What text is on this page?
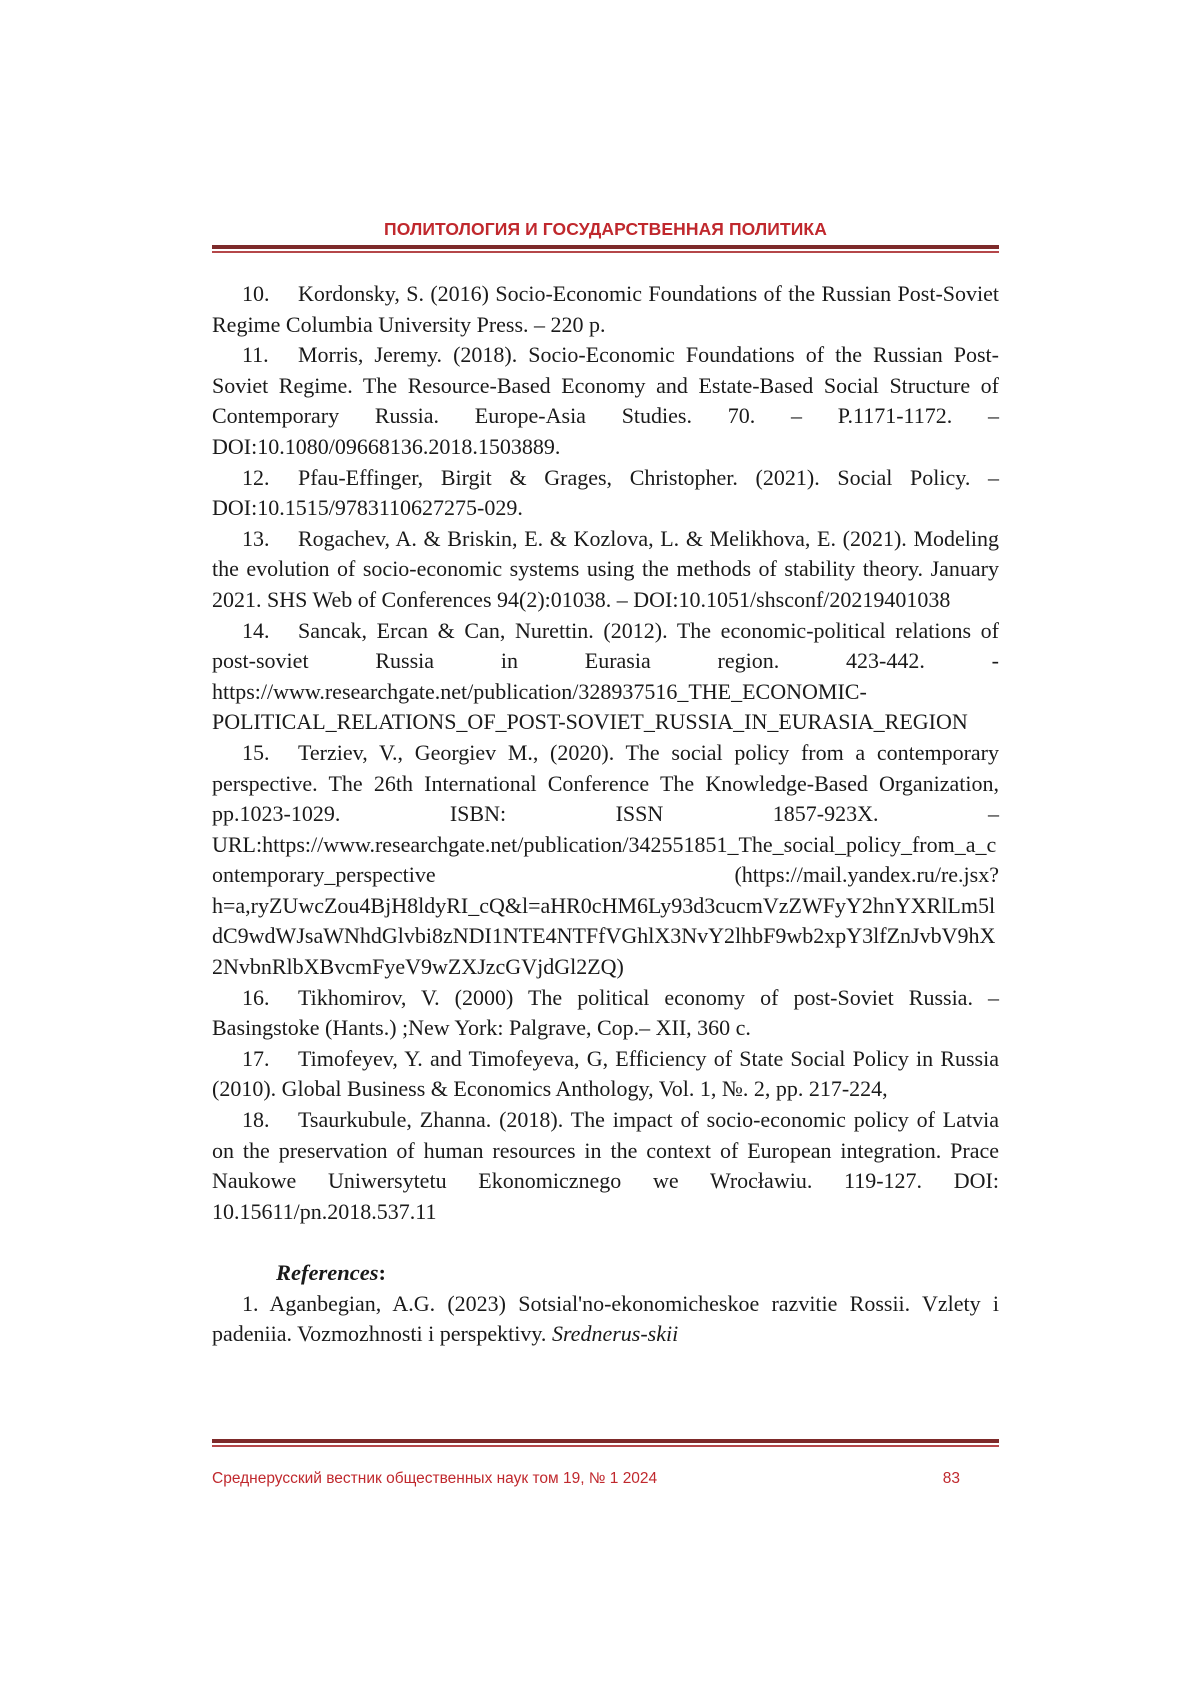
ПОЛИТОЛОГИЯ И ГОСУДАРСТВЕННАЯ ПОЛИТИКА

10. Kordonsky, S. (2016) Socio-Economic Foundations of the Russian Post-Soviet Regime Columbia University Press. – 220 p.

11. Morris, Jeremy. (2018). Socio-Economic Foundations of the Russian Post-Soviet Regime. The Resource-Based Economy and Estate-Based Social Structure of Contemporary Russia. Europe-Asia Studies. 70. – P.1171-1172. – DOI:10.1080/09668136.2018.1503889.

12. Pfau-Effinger, Birgit & Grages, Christopher. (2021). Social Policy. – DOI:10.1515/9783110627275-029.

13. Rogachev, A. & Briskin, E. & Kozlova, L. & Melikhova, E. (2021). Modeling the evolution of socio-economic systems using the methods of stability theory. January 2021. SHS Web of Conferences 94(2):01038. – DOI:10.1051/shsconf/20219401038

14. Sancak, Ercan & Can, Nurettin. (2012). The economic-political relations of post-soviet Russia in Eurasia region. 423-442. - https://www.researchgate.net/publication/328937516_THE_ECONOMIC-POLITICAL_RELATIONS_OF_POST-SOVIET_RUSSIA_IN_EURASIA_REGION

15. Terziev, V., Georgiev M., (2020). The social policy from a contemporary perspective. The 26th International Conference The Knowledge-Based Organization, pp.1023-1029. ISBN: ISSN 1857-923X. – URL:https://www.researchgate.net/publication/342551851_The_social_policy_from_a_contemporary_perspective (https://mail.yandex.ru/re.jsx?h=a,ryZUwcZou4BjH8ldyRI_cQ&l=aHR0cHM6Ly93d3cucmVzZWFyY2hnYXRlLm5ldC9wdWJsaWNhdGlvbi8zNDI1NTE4NTFfVGhlX3NvY2lhbF9wb2xpY3lfZnJvbV9hX2NvbnRlbXBvcmFyeV9wZXJzcGVjdGl2ZQ)

16. Tikhomirov, V. (2000) The political economy of post-Soviet Russia. – Basingstoke (Hants.) ;New York: Palgrave, Cop.– XII, 360 c.

17. Timofeyev, Y. and Timofeyeva, G, Efficiency of State Social Policy in Russia (2010). Global Business & Economics Anthology, Vol. 1, №. 2, pp. 217-224,

18. Tsaurkubule, Zhanna. (2018). The impact of socio-economic policy of Latvia on the preservation of human resources in the context of European integration. Prace Naukowe Uniwersytetu Ekonomicznego we Wrocławiu. 119-127. DOI: 10.15611/pn.2018.537.11

References:

1. Aganbegian, A.G. (2023) Sotsial'no-ekonomicheskoe razvitie Rossii. Vzlety i padeniia. Vozmozhnosti i perspektivy. Srednerus-skii

Среднерусский вестник общественных наук том 19, № 1 2024	83
